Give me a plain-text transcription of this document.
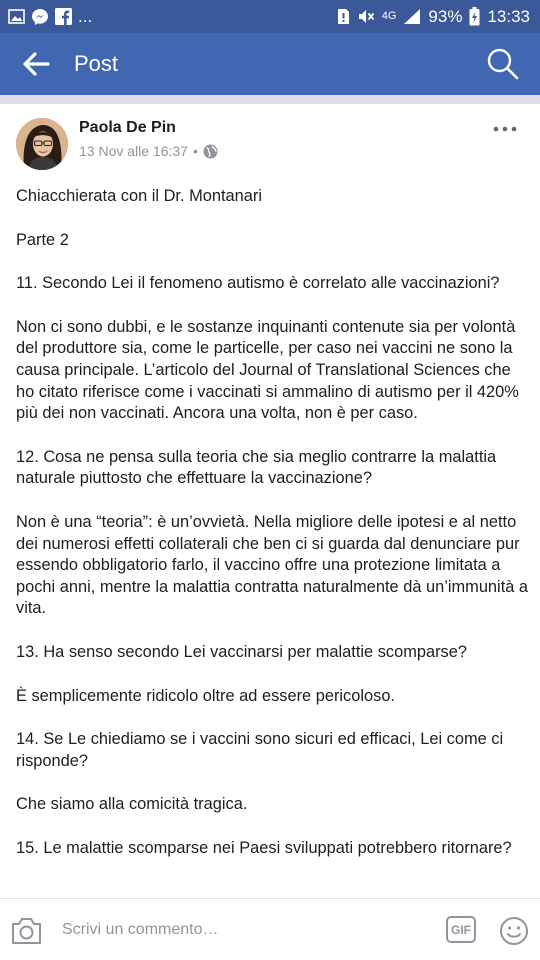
...	4G 93% 13:33
Post
Paola De Pin
13 Nov alle 16:37 •

Chiacchierata con il Dr. Montanari

Parte 2

11. Secondo Lei il fenomeno autismo è correlato alle vaccinazioni?

Non ci sono dubbi, e le sostanze inquinanti contenute sia per volontà del produttore sia, come le particelle, per caso nei vaccini ne sono la causa principale. L’articolo del Journal of Translational Sciences che ho citato riferisce come i vaccinati si ammalino di autismo per il 420% più dei non vaccinati. Ancora una volta, non è per caso.

12. Cosa ne pensa sulla teoria che sia meglio contrarre la malattia naturale piuttosto che effettuare la vaccinazione?

Non è una “teoria”: è un’ovvietà. Nella migliore delle ipotesi e al netto dei numerosi effetti collaterali che ben ci si guarda dal denunciare pur essendo obbligatorio farlo, il vaccino offre una protezione limitata a pochi anni, mentre la malattia contratta naturalmente dà un’immunità a vita.

13. Ha senso secondo Lei vaccinarsi per malattie scomparse?

È semplicemente ridicolo oltre ad essere pericoloso.

14. Se Le chiediamo se i vaccini sono sicuri ed efficaci, Lei come ci risponde?

Che siamo alla comicità tragica.

15. Le malattie scomparse nei Paesi sviluppati potrebbero ritornare?

Scrivi un commento…
GIF
